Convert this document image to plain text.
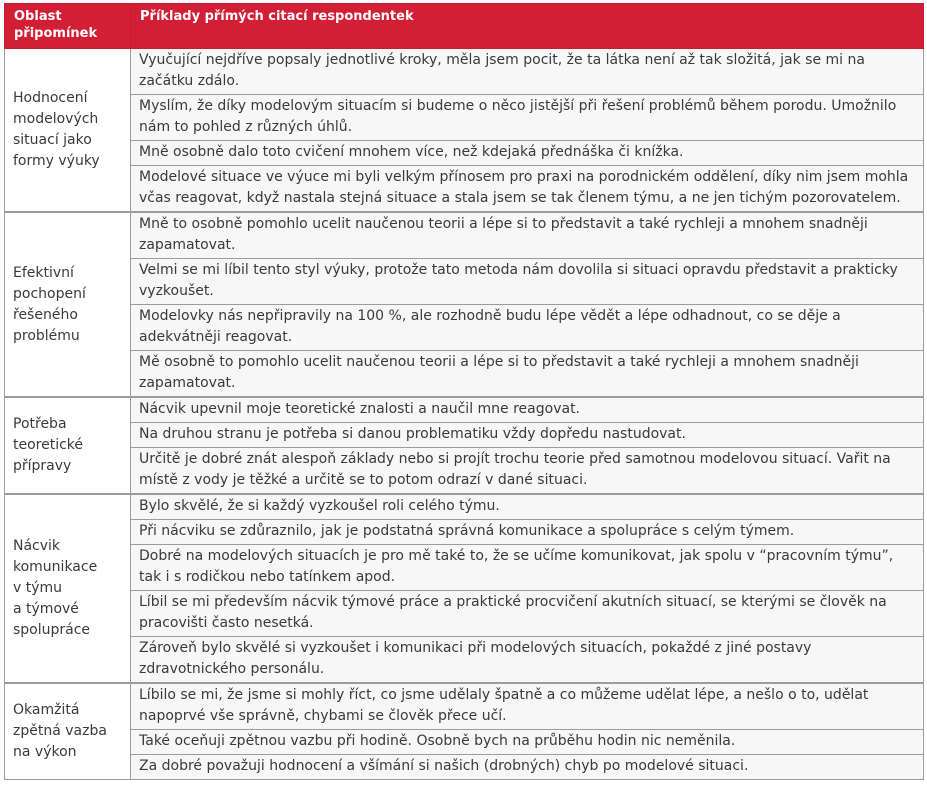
Oblast
připomínek	Příklady přímých citací respondentek
Hodnocení
modelových
situací jako
formy výuky	Vyučující nejdříve popsaly jednotlivé kroky, měla jsem pocit, že ta látka není až tak složitá, jak se mi na začátku zdálo.
	Myslím, že díky modelovým situacím si budeme o něco jistější při řešení problémů během porodu. Umožnilo nám to pohled z různých úhlů.
	Mně osobně dalo toto cvičení mnohem více, než kdejaká přednáška či knížka.
	Modelové situace ve výuce mi byli velkým přínosem pro praxi na porodnickém oddělení, díky nim jsem mohla včas reagovat, když nastala stejná situace a stala jsem se tak členem týmu, a ne jen tichým pozorovatelem.
Efektivní
pochopení
řešeného
problému	Mně to osobně pomohlo ucelit naučenou teorii a lépe si to představit a také rychleji a mnohem snadněji zapamatovat.
	Velmi se mi líbil tento styl výuky, protože tato metoda nám dovolila si situaci opravdu představit a prakticky vyzkoušet.
	Modelovky nás nepřipravily na 100 %, ale rozhodně budu lépe vědět a lépe odhadnout, co se děje a adekvátněji reagovat.
	Mě osobně to pomohlo ucelit naučenou teorii a lépe si to představit a také rychleji a mnohem snadněji zapamatovat.
Potřeba
teoretické
přípravy	Nácvik upevnil moje teoretické znalosti a naučil mne reagovat.
	Na druhou stranu je potřeba si danou problematiku vždy dopředu nastudovat.
	Určitě je dobré znát alespoň základy nebo si projít trochu teorie před samotnou modelovou situací. Vařit na místě z vody je těžké a určitě se to potom odrazí v dané situaci.
Nácvik
komunikace
v týmu
a týmové
spolupráce	Bylo skvělé, že si každý vyzkoušel roli celého týmu.
	Při nácviku se zdůraznilo, jak je podstatná správná komunikace a spolupráce s celým týmem.
	Dobré na modelových situacích je pro mě také to, že se učíme komunikovat, jak spolu v “pracovním týmu”, tak i s rodičkou nebo tatínkem apod.
	Líbil se mi především nácvik týmové práce a praktické procvičení akutních situací, se kterými se člověk na pracovišti často nesetká.
	Zároveň bylo skvělé si vyzkoušet i komunikaci při modelových situacích, pokaždé z jiné postavy zdravotnického personálu.
Okamžitá
zpětná vazba
na výkon	Líbilo se mi, že jsme si mohly říct, co jsme udělaly špatně a co můžeme udělat lépe, a nešlo o to, udělat napoprvé vše správně, chybami se člověk přece učí.
	Také oceňuji zpětnou vazbu při hodině. Osobně bych na průběhu hodin nic neměnila.
	Za dobré považuji hodnocení a všímání si našich (drobných) chyb po modelové situaci.
